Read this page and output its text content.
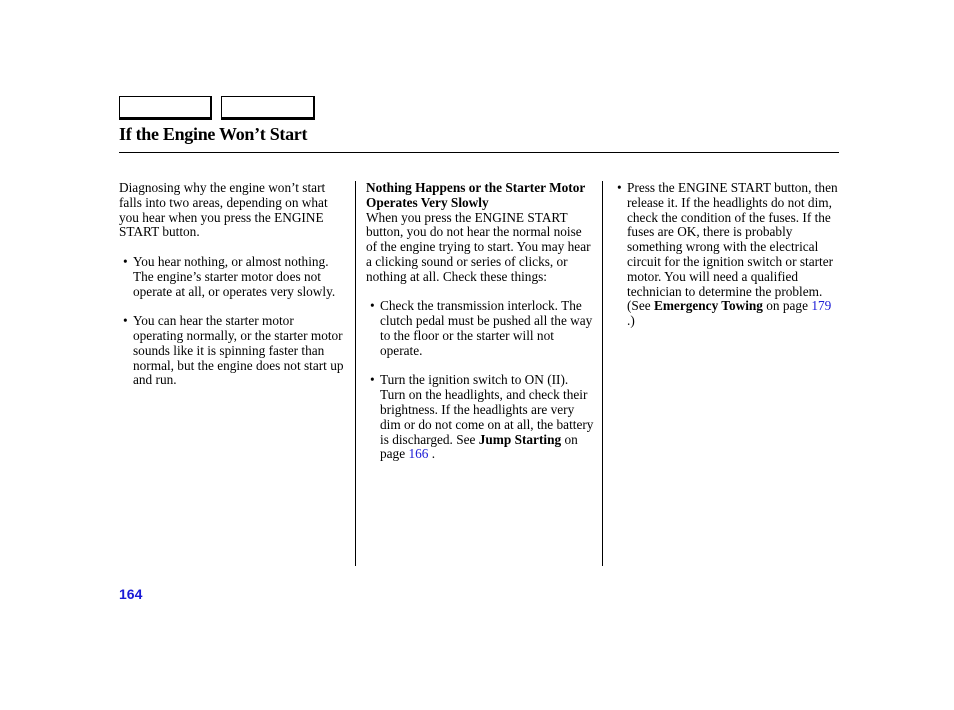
If the Engine Won’t Start

Diagnosing why the engine won’t start falls into two areas, depending on what you hear when you press the ENGINE START button.

• You hear nothing, or almost nothing. The engine’s starter motor does not operate at all, or operates very slowly.

• You can hear the starter motor operating normally, or the starter motor sounds like it is spinning faster than normal, but the engine does not start up and run.

Nothing Happens or the Starter Motor Operates Very Slowly

When you press the ENGINE START button, you do not hear the normal noise of the engine trying to start. You may hear a clicking sound or series of clicks, or nothing at all. Check these things:

• Check the transmission interlock. The clutch pedal must be pushed all the way to the floor or the starter will not operate.

• Turn the ignition switch to ON (II). Turn on the headlights, and check their brightness. If the headlights are very dim or do not come on at all, the battery is discharged. See Jump Starting on page 166 .

• Press the ENGINE START button, then release it. If the headlights do not dim, check the condition of the fuses. If the fuses are OK, there is probably something wrong with the electrical circuit for the ignition switch or starter motor. You will need a qualified technician to determine the problem. (See Emergency Towing on page 179 .)

164
